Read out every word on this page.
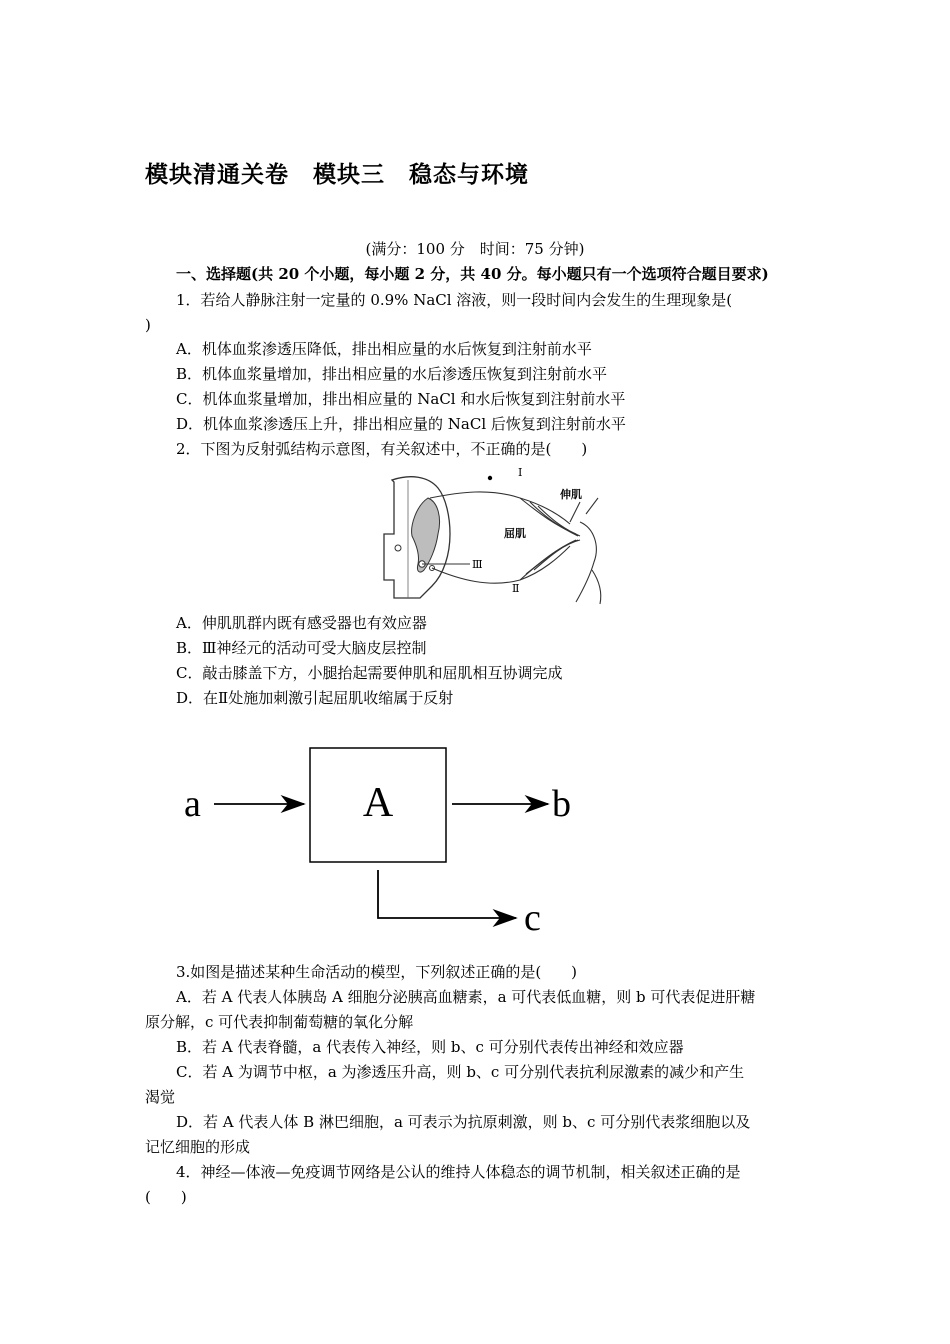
模块清通关卷　模块三　稳态与环境
(满分：100 分　时间：75 分钟)
一、选择题(共 20 个小题，每小题 2 分，共 40 分。每小题只有一个选项符合题目要求)
1．若给人静脉注射一定量的 0.9% NaCl 溶液，则一段时间内会发生的生理现象是(
)
A．机体血浆渗透压降低，排出相应量的水后恢复到注射前水平
B．机体血浆量增加，排出相应量的水后渗透压恢复到注射前水平
C．机体血浆量增加，排出相应量的 NaCl 和水后恢复到注射前水平
D．机体血浆渗透压上升，排出相应量的 NaCl 后恢复到注射前水平
2．下图为反射弧结构示意图，有关叙述中，不正确的是(　　)
Ⅰ
伸肌
屈肌
Ⅲ
Ⅱ
A．伸肌肌群内既有感受器也有效应器
B．Ⅲ神经元的活动可受大脑皮层控制
C．敲击膝盖下方，小腿抬起需要伸肌和屈肌相互协调完成
D．在Ⅱ处施加刺激引起屈肌收缩属于反射
A
a	b
c
3.如图是描述某种生命活动的模型，下列叙述正确的是(　　)
A．若 A 代表人体胰岛 A 细胞分泌胰高血糖素，a 可代表低血糖，则 b 可代表促进肝糖
原分解，c 可代表抑制葡萄糖的氧化分解
B．若 A 代表脊髓，a 代表传入神经，则 b、c 可分别代表传出神经和效应器
C．若 A 为调节中枢，a 为渗透压升高，则 b、c 可分别代表抗利尿激素的减少和产生
渴觉
D．若 A 代表人体 B 淋巴细胞，a 可表示为抗原刺激，则 b、c 可分别代表浆细胞以及
记忆细胞的形成
4．神经—体液—免疫调节网络是公认的维持人体稳态的调节机制，相关叙述正确的是
(　　)
